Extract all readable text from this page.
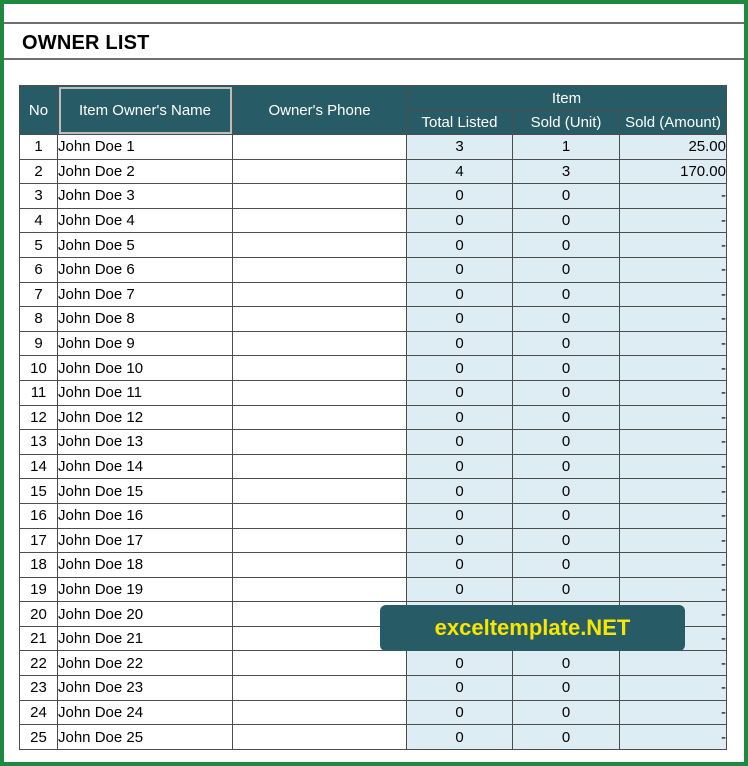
OWNER LIST
No	Item Owner's Name	Owner's Phone	Item		
			Total Listed	Sold (Unit)	Sold (Amount)
1	John Doe 1		3	1	25.00
2	John Doe 2		4	3	170.00
3	John Doe 3		0	0	-
4	John Doe 4		0	0	-
5	John Doe 5		0	0	-
6	John Doe 6		0	0	-
7	John Doe 7		0	0	-
8	John Doe 8		0	0	-
9	John Doe 9		0	0	-
10	John Doe 10		0	0	-
11	John Doe 11		0	0	-
12	John Doe 12		0	0	-
13	John Doe 13		0	0	-
14	John Doe 14		0	0	-
15	John Doe 15		0	0	-
16	John Doe 16		0	0	-
17	John Doe 17		0	0	-
18	John Doe 18		0	0	-
19	John Doe 19		0	0	-
20	John Doe 20				-
21	John Doe 21				-
22	John Doe 22		0	0	-
23	John Doe 23		0	0	-
24	John Doe 24		0	0	-
25	John Doe 25		0	0	-
exceltemplate.NET
